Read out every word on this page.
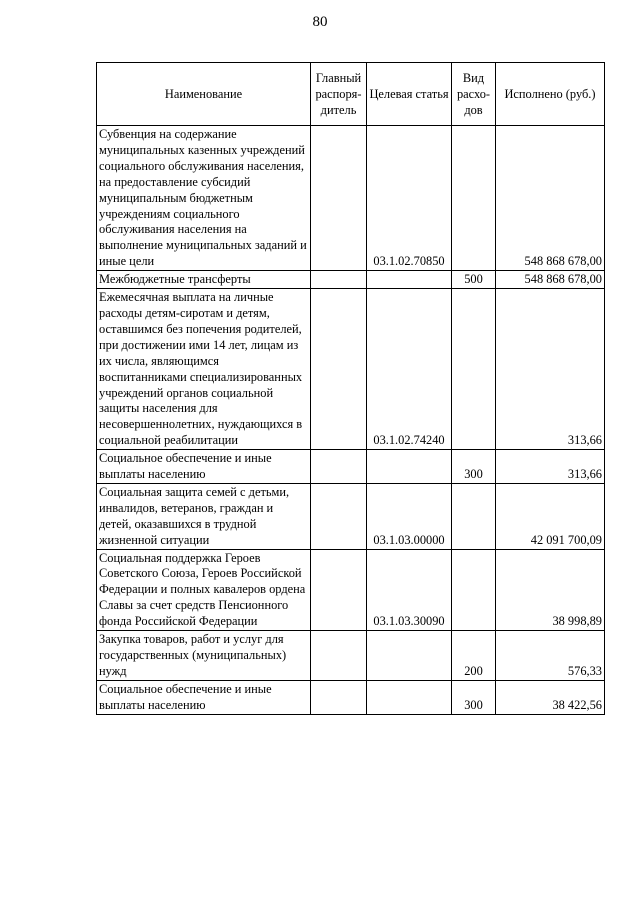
80
Наименование	Главный распоря-дитель	Целевая статья	Вид расхо-дов	Исполнено (руб.)
Субвенция на содержание муниципальных казенных учреждений социального обслуживания населения, на предоставление субсидий муниципальным бюджетным учреждениям социального обслуживания населения на выполнение муниципальных заданий и иные цели		03.1.02.70850		548 868 678,00
Межбюджетные трансферты			500	548 868 678,00
Ежемесячная выплата на личные расходы детям-сиротам и детям, оставшимся без попечения родителей, при достижении ими 14 лет, лицам из их числа, являющимся воспитанниками специализированных учреждений органов социальной защиты населения для несовершеннолетних, нуждающихся в социальной реабилитации		03.1.02.74240		313,66
Социальное обеспечение и иные выплаты населению			300	313,66
Социальная защита семей с детьми, инвалидов, ветеранов, граждан и детей, оказавшихся в трудной жизненной ситуации		03.1.03.00000		42 091 700,09
Социальная поддержка Героев Советского Союза, Героев Российской Федерации и полных кавалеров ордена Славы за счет средств Пенсионного фонда Российской Федерации		03.1.03.30090		38 998,89
Закупка товаров, работ и услуг для государственных (муниципальных) нужд			200	576,33
Социальное обеспечение и иные выплаты населению			300	38 422,56
